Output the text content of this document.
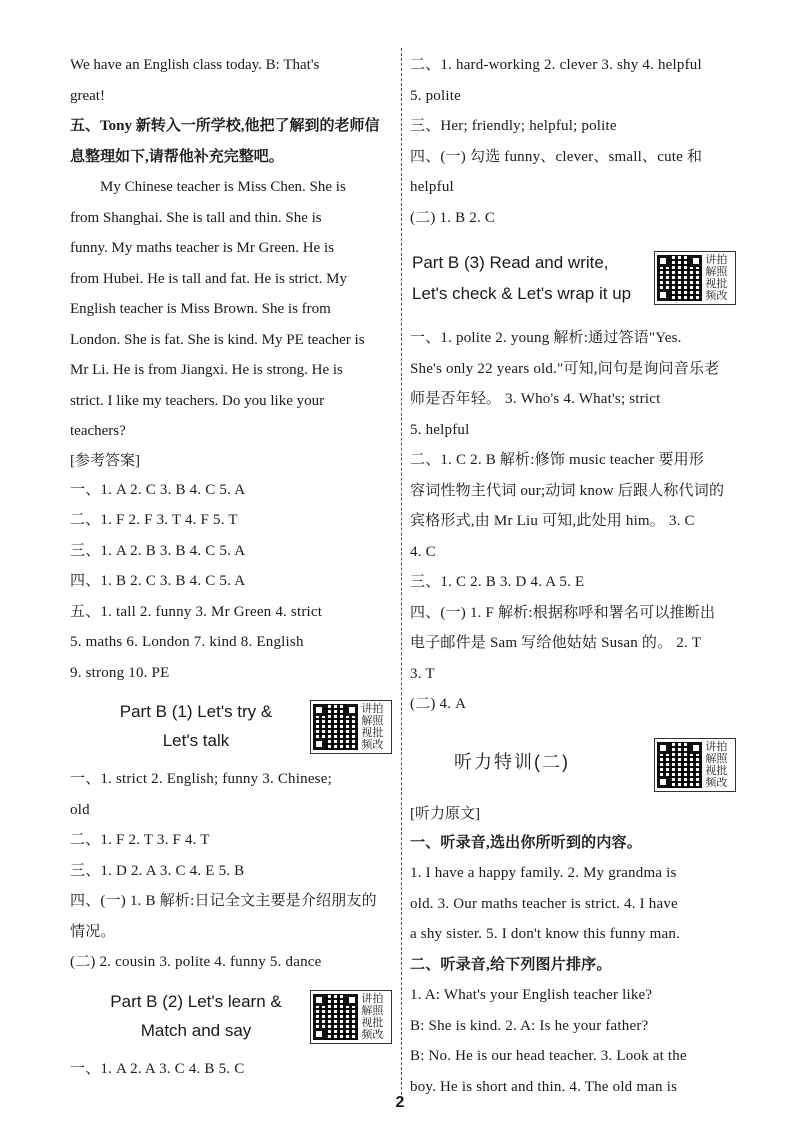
We have an English class today. B: That's
great!
五、Tony 新转入一所学校,他把了解到的老师信
息整理如下,请帮他补充完整吧。
My Chinese teacher is Miss Chen. She is
from Shanghai. She is tall and thin. She is
funny. My maths teacher is Mr Green. He is
from Hubei. He is tall and fat. He is strict. My
English teacher is Miss Brown. She is from
London. She is fat. She is kind. My PE teacher is
Mr Li. He is from Jiangxi. He is strong. He is
strict. I like my teachers. Do you like your
teachers?
[参考答案]
一、1. A 2. C 3. B 4. C 5. A
二、1. F 2. F 3. T 4. F 5. T
三、1. A 2. B 3. B 4. C 5. A
四、1. B 2. C 3. B 4. C 5. A
五、1. tall 2. funny 3. Mr Green 4. strict
5. maths 6. London 7. kind 8. English
9. strong 10. PE
Part B (1) Let's try &
Let's talk
讲拍解照视批频改
一、1. strict 2. English; funny 3. Chinese;
old
二、1. F 2. T 3. F 4. T
三、1. D 2. A 3. C 4. E 5. B
四、(一) 1. B 解析:日记全文主要是介绍朋友的
情况。
(二) 2. cousin 3. polite 4. funny 5. dance
Part B (2) Let's learn &
Match and say
讲拍解照视批频改
一、1. A 2. A 3. C 4. B 5. C
二、1. hard-working 2. clever 3. shy 4. helpful
5. polite
三、Her; friendly; helpful; polite
四、(一) 勾选 funny、clever、small、cute 和
helpful
(二) 1. B 2. C
Part B (3) Read and write,
Let's check & Let's wrap it up
讲拍解照视批频改
一、1. polite 2. young 解析:通过答语"Yes.
She's only 22 years old."可知,问句是询问音乐老
师是否年轻。 3. Who's 4. What's; strict
5. helpful
二、1. C 2. B 解析:修饰 music teacher 要用形
容词性物主代词 our;动词 know 后跟人称代词的
宾格形式,由 Mr Liu 可知,此处用 him。 3. C
4. C
三、1. C 2. B 3. D 4. A 5. E
四、(一) 1. F 解析:根据称呼和署名可以推断出
电子邮件是 Sam 写给他姑姑 Susan 的。 2. T
3. T
(二) 4. A
听力特训(二)
讲拍解照视批频改
[听力原文]
一、听录音,选出你所听到的内容。
1. I have a happy family. 2. My grandma is
old. 3. Our maths teacher is strict. 4. I have
a shy sister. 5. I don't know this funny man.
二、听录音,给下列图片排序。
1. A: What's your English teacher like?
B: She is kind. 2. A: Is he your father?
B: No. He is our head teacher. 3. Look at the
boy. He is short and thin. 4. The old man is
2
